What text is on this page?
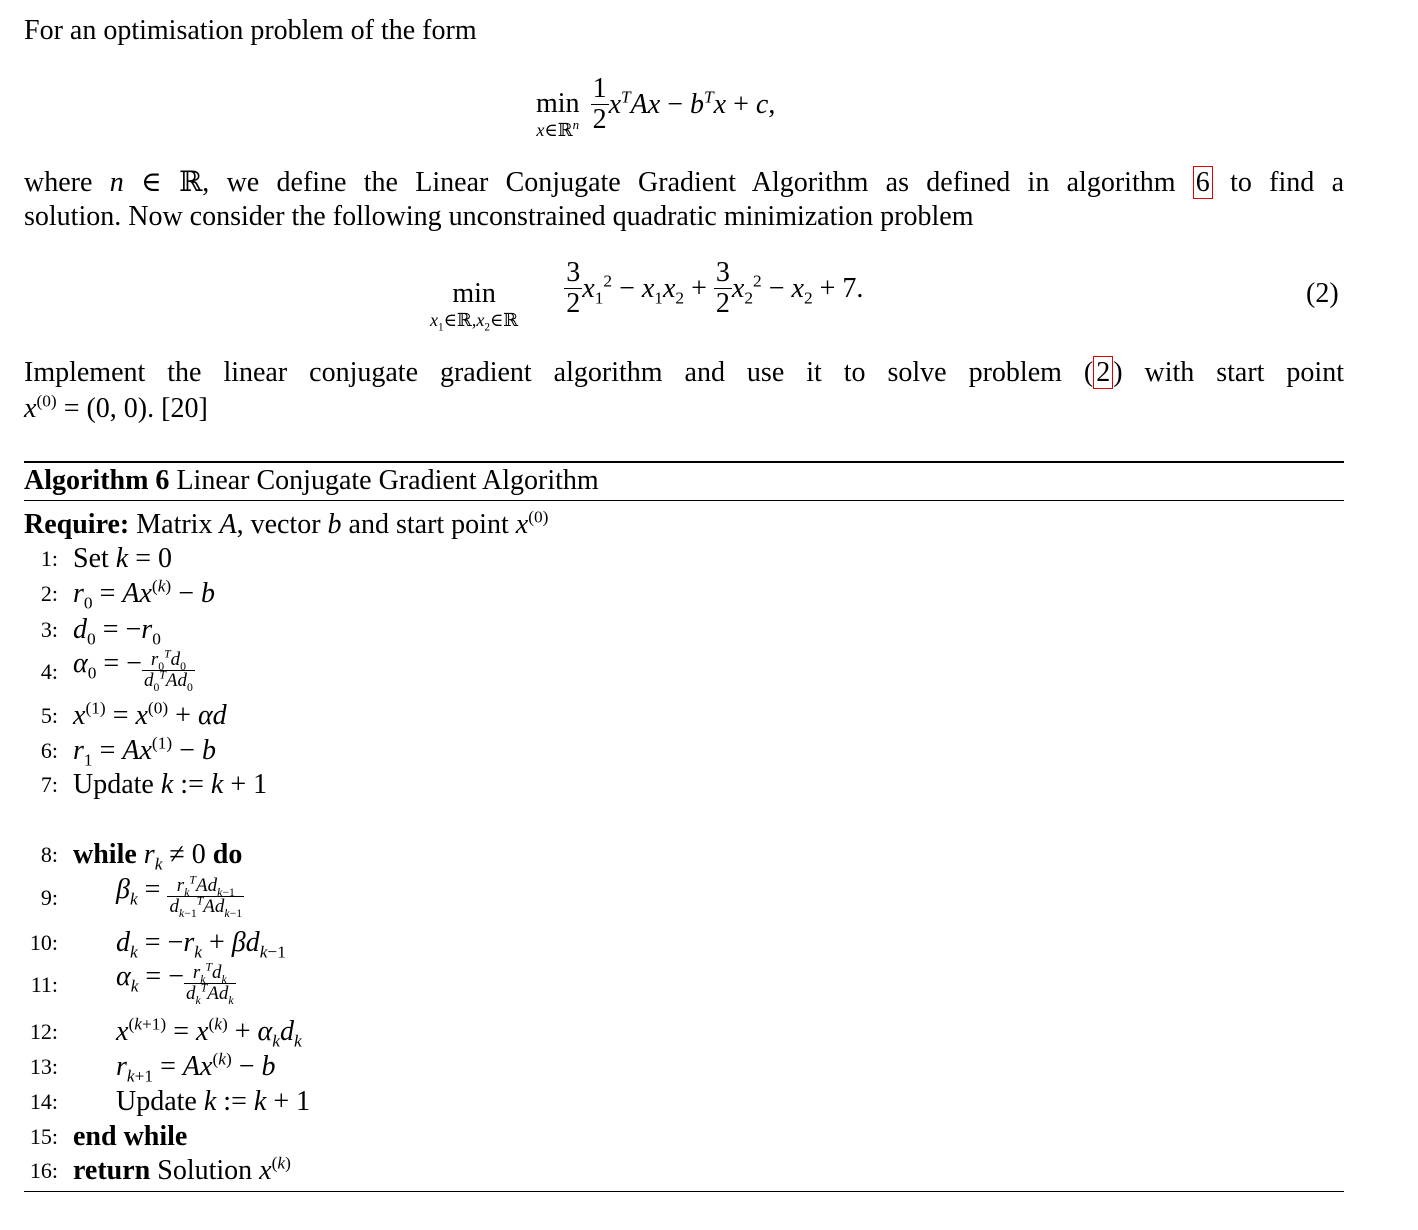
For an optimisation problem of the form
min
x∈ℝ$^n$
$\frac{1}{2} x^TAx - b^Tx + c$,
where n ∈ ℝ, we define the Linear Conjugate Gradient Algorithm as defined in algorithm 6 to find a
solution. Now consider the following unconstrained quadratic minimization problem
min
$x_1\in ℝ,x_2\in ℝ$

$\frac{3}{2} x_1^2 - x_1x_2 + \frac{3}{2} x_2^2 - x_2 + 7$.	(2)
Implement the linear conjugate gradient algorithm and use it to solve problem ( 2 ) with start point
$x^{(0)} = (0$, 0). [20]
Algorithm 6 Linear Conjugate Gradient Algorithm
Require: Matrix A, vector b and start point $x^{(0)}$
1:
2:
3:
4:
5:
6:
7:
8:
9:
10:
11:
12:
13:
14:
15:
16:
Set k = 0
$r_0 = Ax^{(k)} - b$
$d_0 = -r_0$
$\alpha_0$ = − $\frac{r_0^Td_0}{d_0^TAd_0}$
$x^{(1)} = x^{(0)} + \alpha d$
$r_1 = Ax^{(1)} - b$
Update k := k + 1
while $r_k \ne 0$ do
$\beta_k = \frac{r_k^TAd_{k-1}}{d_{k-1}^TAd_{k-1}}$
$d_k = -r_k + \beta d_{k-1}$
$\alpha_k$ = − $\frac{r_k^Td_k}{d_k^TAd_k}$
$x^{(k+1)} = x^{(k)} + \alpha_kd_k$
$r_{k+1} = Ax^{(k)} - b$
Update k := k + 1
end while
return Solution $x^{(k)}$
